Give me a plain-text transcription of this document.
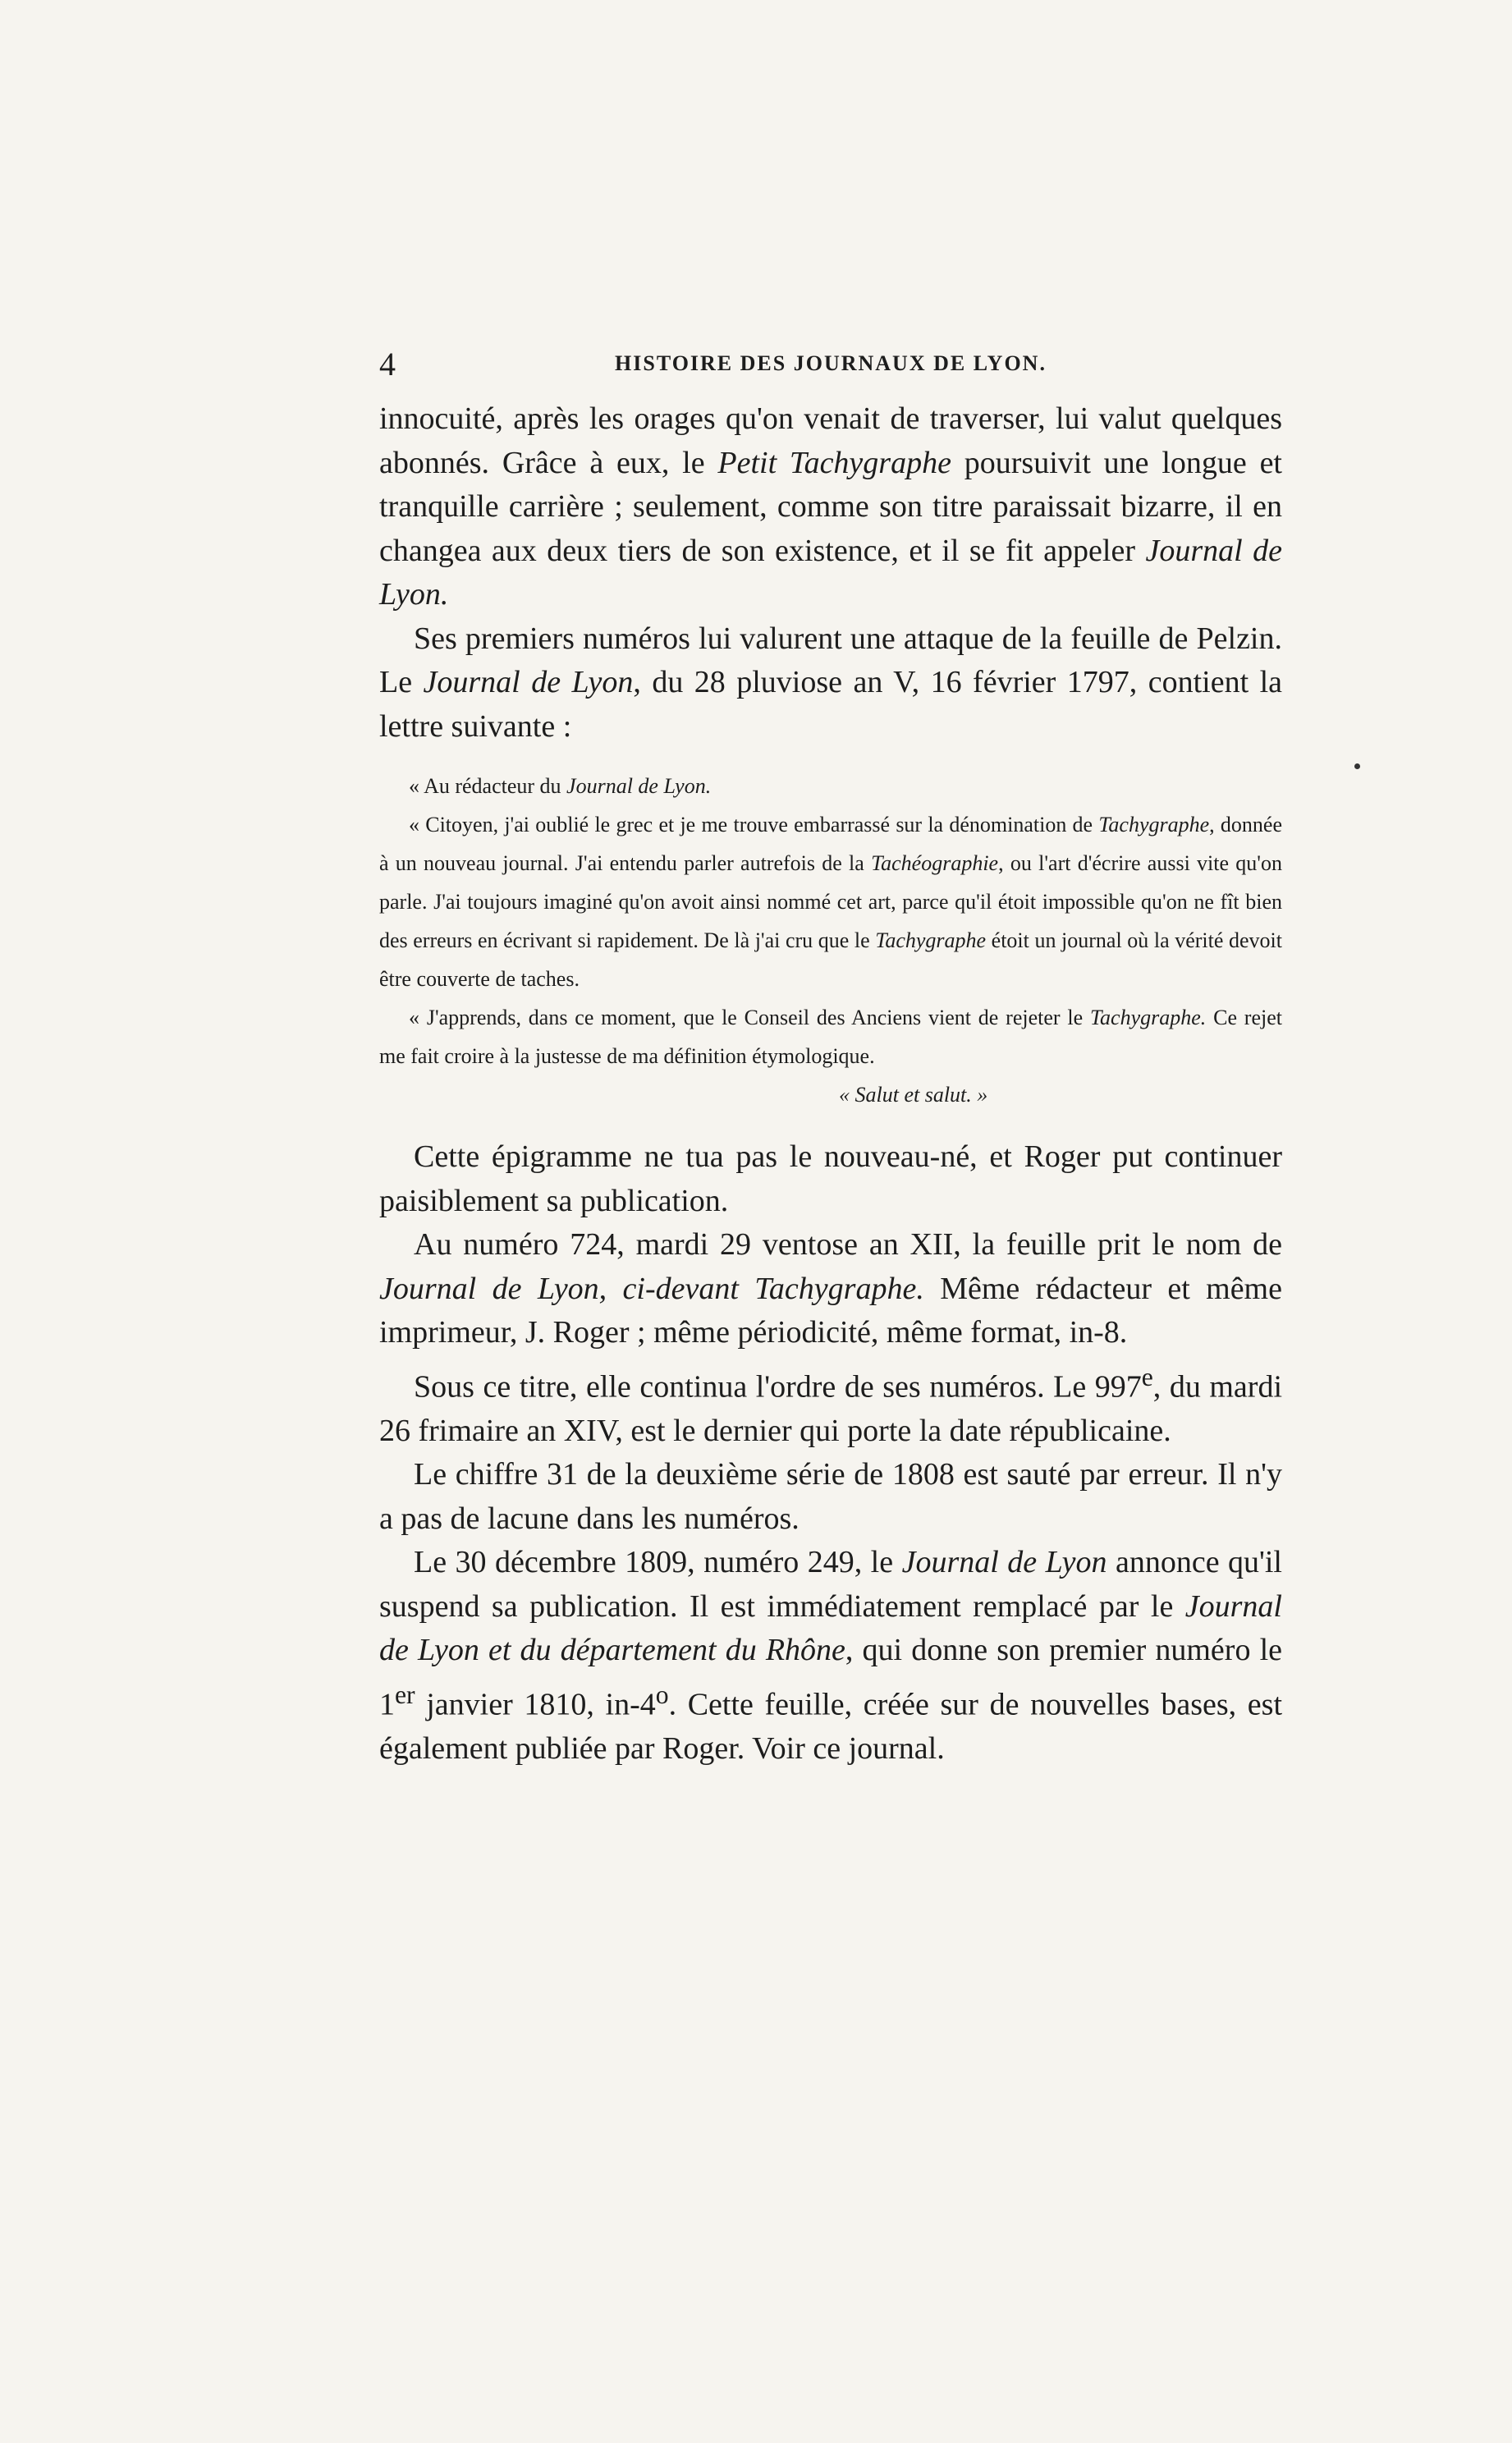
4	HISTOIRE DES JOURNAUX DE LYON.

innocuité, après les orages qu'on venait de traverser, lui valut quelques abonnés. Grâce à eux, le Petit Tachygraphe poursuivit une longue et tranquille carrière ; seulement, comme son titre paraissait bizarre, il en changea aux deux tiers de son existence, et il se fit appeler Journal de Lyon.

Ses premiers numéros lui valurent une attaque de la feuille de Pelzin. Le Journal de Lyon, du 28 pluviose an V, 16 février 1797, contient la lettre suivante :

« Au rédacteur du Journal de Lyon.

« Citoyen, j'ai oublié le grec et je me trouve embarrassé sur la dénomination de Tachygraphe, donnée à un nouveau journal. J'ai entendu parler autrefois de la Tachéographie, ou l'art d'écrire aussi vite qu'on parle. J'ai toujours imaginé qu'on avoit ainsi nommé cet art, parce qu'il étoit impossible qu'on ne fît bien des erreurs en écrivant si rapidement. De là j'ai cru que le Tachygraphe étoit un journal où la vérité devoit être couverte de taches.

« J'apprends, dans ce moment, que le Conseil des Anciens vient de rejeter le Tachygraphe. Ce rejet me fait croire à la justesse de ma définition étymologique.

« Salut et salut. »

Cette épigramme ne tua pas le nouveau-né, et Roger put continuer paisiblement sa publication.

Au numéro 724, mardi 29 ventose an XII, la feuille prit le nom de Journal de Lyon, ci-devant Tachygraphe. Même rédacteur et même imprimeur, J. Roger ; même périodicité, même format, in-8.

Sous ce titre, elle continua l'ordre de ses numéros. Le 997e, du mardi 26 frimaire an XIV, est le dernier qui porte la date républicaine.

Le chiffre 31 de la deuxième série de 1808 est sauté par erreur. Il n'y a pas de lacune dans les numéros.

Le 30 décembre 1809, numéro 249, le Journal de Lyon annonce qu'il suspend sa publication. Il est immédiatement remplacé par le Journal de Lyon et du département du Rhône, qui donne son premier numéro le 1er janvier 1810, in-4$^o$. Cette feuille, créée sur de nouvelles bases, est également publiée par Roger. Voir ce journal.
